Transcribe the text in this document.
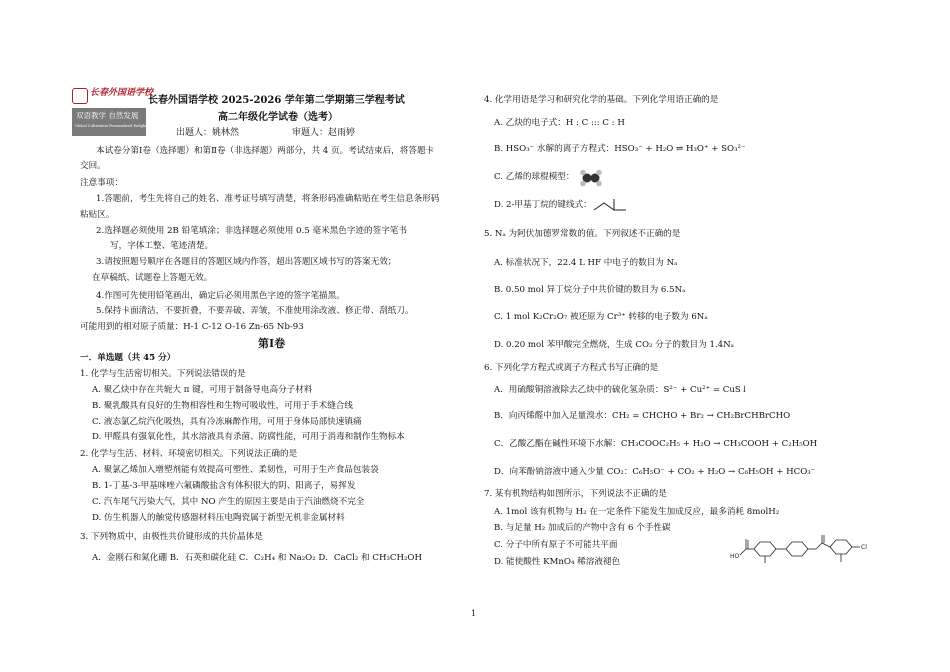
长春外国语学校
双语教学 自然发展
Global Cultivation Personalized Enlightenment
长春外国语学校 2025-2026 学年第二学期第三学程考试
高二年级化学试卷（选考）
出题人：姚林然	审题人：赵雨婷
本试卷分第Ⅰ卷（选择题）和第Ⅱ卷（非选择题）两部分，共 4 页。考试结束后，将答题卡
交回。
注意事项：
1.答题前，考生先将自己的姓名、准考证号填写清楚，将条形码准确粘贴在考生信息条形码
粘贴区。
2.选择题必须使用 2B 铅笔填涂；非选择题必须使用 0.5 毫米黑色字迹的签字笔书
写，字体工整、笔迹清楚。
3.请按照题号顺序在各题目的答题区域内作答，超出答题区域书写的答案无效；
在草稿纸、试题卷上答题无效。
4.作图可先使用铅笔画出，确定后必须用黑色字迹的签字笔描黑。
5.保持卡面清洁，不要折叠，不要弄破、弄皱，不准使用涂改液、修正带、刮纸刀。
可能用到的相对原子质量：H-1 C-12 O-16 Zn-65 Nb-93
第Ⅰ卷
一．单选题（共 45 分）
1. 化学与生活密切相关。下列说法错误的是
A. 聚乙炔中存在共轭大 π 键，可用于制备导电高分子材料
B. 聚乳酸具有良好的生物相容性和生物可吸收性，可用于手术缝合线
C. 液态氯乙烷汽化吸热，具有冷冻麻醉作用，可用于身体局部快速镇痛
D. 甲醛具有强氧化性，其水溶液具有杀菌、防腐性能，可用于消毒和制作生物标本
2. 化学与生活、材料、环境密切相关。下列说法正确的是
A. 聚氯乙烯加入增塑剂能有效提高可塑性、柔韧性，可用于生产食品包装袋
B. 1-丁基-3-甲基咪唑六氟磷酸盐含有体积很大的阴、阳离子，易挥发
C. 汽车尾气污染大气，其中 NO 产生的原因主要是由于汽油燃烧不完全
D. 仿生机器人的触觉传感器材料压电陶瓷属于新型无机非金属材料
3. 下列物质中，由极性共价键形成的共价晶体是
A．金刚石和氮化硼 B．石英和碳化硅 C．C₂H₄ 和 Na₂O₂ D．CaCl₂ 和 CH₃CH₂OH
4. 化学用语是学习和研究化学的基础。下列化学用语正确的是
A. 乙炔的电子式：H : C ::: C : H
B. HSO₃⁻ 水解的离子方程式：HSO₃⁻ + H₂O ⇌ H₃O⁺ + SO₃²⁻
C. 乙烯的球棍模型：
D. 2-甲基丁烷的键线式：
5. Nₐ 为阿伏加德罗常数的值。下列叙述不正确的是
A. 标准状况下，22.4 L HF 中电子的数目为 Nₐ
B. 0.50 mol 异丁烷分子中共价键的数目为 6.5Nₐ
C. 1 mol K₂Cr₂O₇ 被还原为 Cr³⁺ 转移的电子数为 6Nₐ
D. 0.20 mol 苯甲酸完全燃烧，生成 CO₂ 分子的数目为 1.4Nₐ
6. 下列化学方程式或离子方程式书写正确的是
A．用硫酸铜溶液除去乙炔中的硫化氢杂质：S²⁻ + Cu²⁺ = CuS↓
B．向丙烯醛中加入足量溴水：CH₂ = CHCHO + Br₂ → CH₂BrCHBrCHO
C．乙酸乙酯在碱性环境下水解：CH₃COOC₂H₅ + H₂O → CH₃COOH + C₂H₅OH
D．向苯酚钠溶液中通入少量 CO₂：C₆H₅O⁻ + CO₂ + H₂O → C₆H₅OH + HCO₃⁻
7. 某有机物结构如图所示，下列说法不正确的是
A. 1mol 该有机物与 H₂ 在一定条件下能发生加成反应，最多消耗 8molH₂
B. 与足量 H₂ 加成后的产物中含有 6 个手性碳
C. 分子中所有原子不可能共平面
D. 能使酸性 KMnO₄ 稀溶液褪色
HO
Cl
1
